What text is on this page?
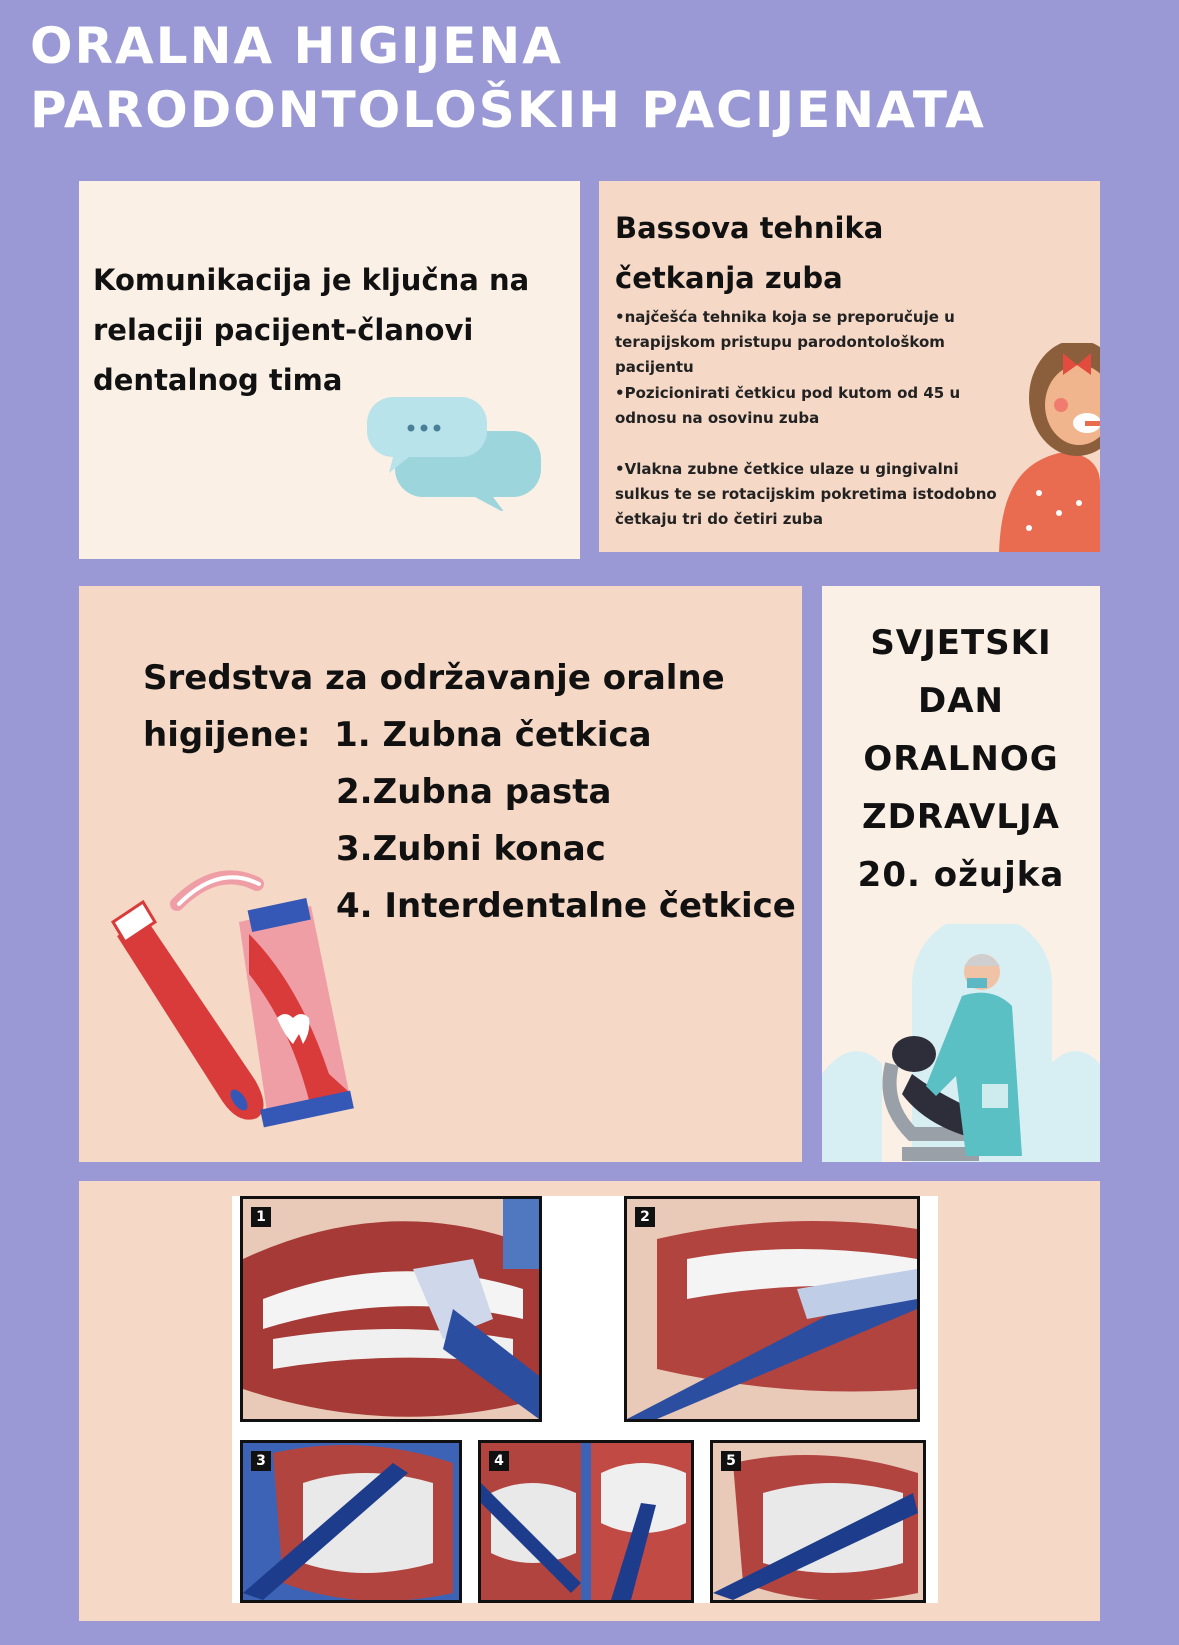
ORALNA HIGIJENA PARODONTOLOŠKIH PACIJENATA

Komunikacija je ključna na relaciji pacijent-članovi dentalnog tima

Bassova tehnika četkanja zuba

•najčešća tehnika koja se preporučuje u terapijskom pristupu parodontološkom pacijentu

•Pozicionirati četkicu pod kutom od 45 u odnosu na osovinu zuba

•Vlakna zubne četkice ulaze u gingivalni sulkus te se rotacijskim pokretima istodobno četkaju tri do četiri zuba

Sredstva za održavanje oralne
higijene: 1. Zubna četkica
2.Zubna pasta
3.Zubni konac
4. Interdentalne četkice

SVJETSKI
DAN
ORALNOG
ZDRAVLJA
20. ožujka

1	2
3	4	5
